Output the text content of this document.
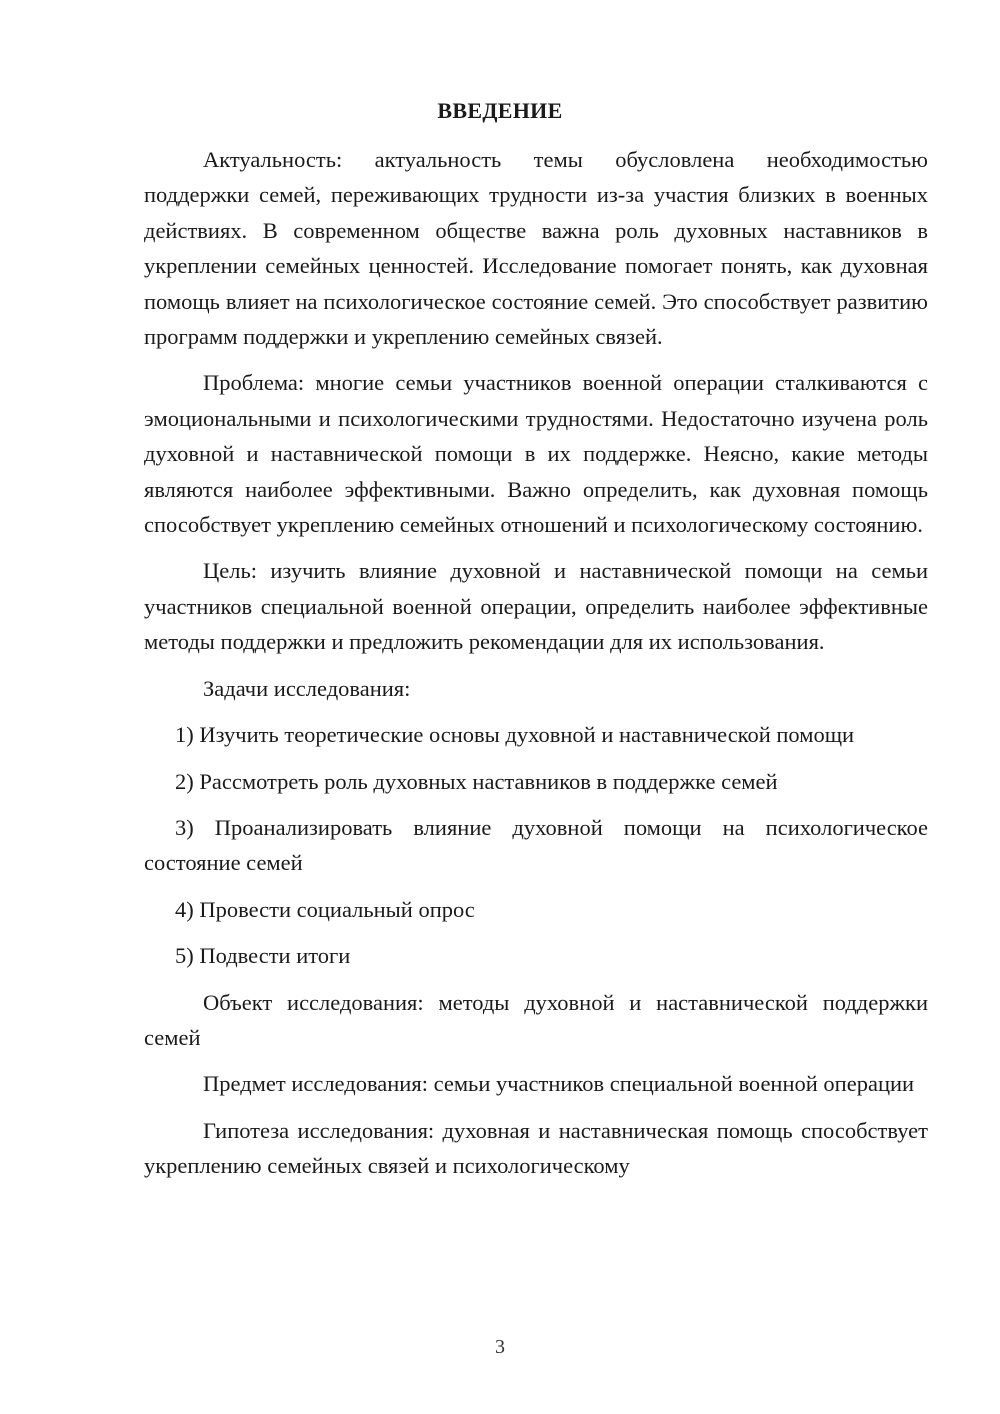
ВВЕДЕНИЕ

Актуальность: актуальность темы обусловлена необходимостью поддержки семей, переживающих трудности из-за участия близких в военных действиях. В современном обществе важна роль духовных наставников в укреплении семейных ценностей. Исследование помогает понять, как духовная помощь влияет на психологическое состояние семей. Это способствует развитию программ поддержки и укреплению семейных связей.

Проблема: многие семьи участников военной операции сталкиваются с эмоциональными и психологическими трудностями. Недостаточно изучена роль духовной и наставнической помощи в их поддержке. Неясно, какие методы являются наиболее эффективными. Важно определить, как духовная помощь способствует укреплению семейных отношений и психологическому состоянию.

Цель: изучить влияние духовной и наставнической помощи на семьи участников специальной военной операции, определить наиболее эффективные методы поддержки и предложить рекомендации для их использования.

Задачи исследования:

1) Изучить теоретические основы духовной и наставнической помощи

2) Рассмотреть роль духовных наставников в поддержке семей

3) Проанализировать влияние духовной помощи на психологическое состояние семей

4) Провести социальный опрос

5) Подвести итоги

Объект исследования: методы духовной и наставнической поддержки семей

Предмет исследования: семьи участников специальной военной операции

Гипотеза исследования: духовная и наставническая помощь способствует укреплению семейных связей и психологическому

3
